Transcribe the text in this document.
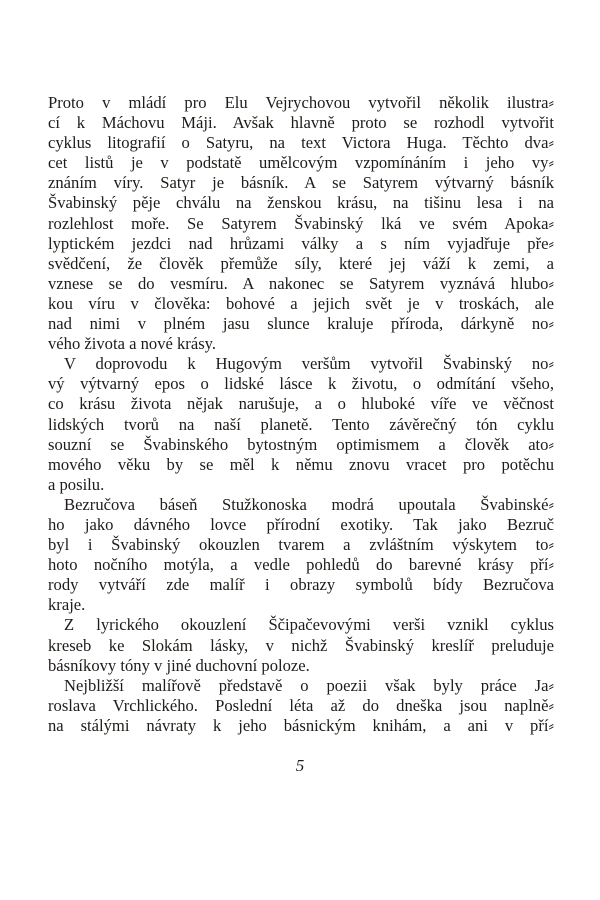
Proto v mládí pro Elu Vejrychovou vytvořil několik ilustra⸗
cí k Máchovu Máji. Avšak hlavně proto se rozhodl vytvořit
cyklus litografií o Satyru, na text Victora Huga. Těchto dva⸗
cet listů je v podstatě umělcovým vzpomínáním i jeho vy⸗
znáním víry. Satyr je básník. A se Satyrem výtvarný básník
Švabinský pěje chválu na ženskou krásu, na tišinu lesa i na
rozlehlost moře. Se Satyrem Švabinský lká ve svém Apoka⸗
lyptickém jezdci nad hrůzami války a s ním vyjadřuje pře⸗
svědčení, že člověk přemůže síly, které jej váží k zemi, a
vznese se do vesmíru. A nakonec se Satyrem vyznává hlubo⸗
kou víru v člověka: bohové a jejich svět je v troskách, ale
nad nimi v plném jasu slunce kraluje příroda, dárkyně no⸗
vého života a nové krásy.
V doprovodu k Hugovým veršům vytvořil Švabinský no⸗
vý výtvarný epos o lidské lásce k životu, o odmítání všeho,
co krásu života nějak narušuje, a o hluboké víře ve věčnost
lidských tvorů na naší planetě. Tento závěrečný tón cyklu
souzní se Švabinského bytostným optimismem a člověk ato⸗
mového věku by se měl k němu znovu vracet pro potěchu
a posilu.
Bezručova báseň Stužkonoska modrá upoutala Švabinské⸗
ho jako dávného lovce přírodní exotiky. Tak jako Bezruč
byl i Švabinský okouzlen tvarem a zvláštním výskytem to⸗
hoto nočního motýla, a vedle pohledů do barevné krásy pří⸗
rody vytváří zde malíř i obrazy symbolů bídy Bezručova
kraje.
Z lyrického okouzlení Ščipačevovými verši vznikl cyklus
kreseb ke Slokám lásky, v nichž Švabinský kreslíř preluduje
básníkovy tóny v jiné duchovní poloze.
Nejbližší malířově představě o poezii však byly práce Ja⸗
roslava Vrchlického. Poslední léta až do dneška jsou naplně⸗
na stálými návraty k jeho básnickým knihám, a ani v pří⸗
5
